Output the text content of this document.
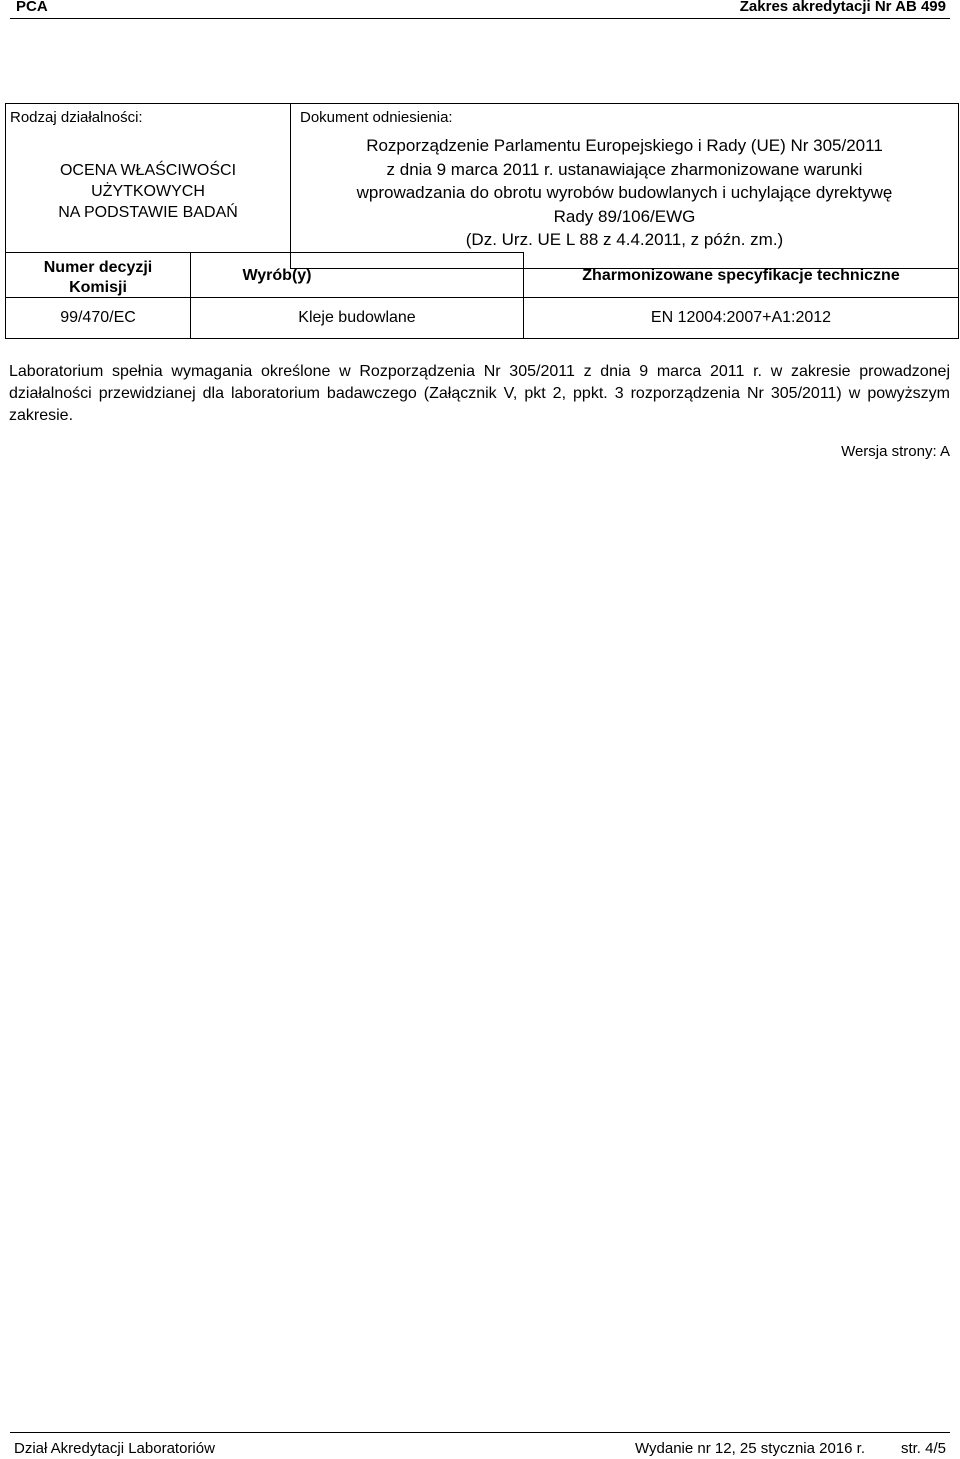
PCA	Zakres akredytacji Nr AB 499
Rodzaj działalności:
OCENA WŁAŚCIWOŚCI
UŻYTKOWYCH
NA PODSTAWIE BADAŃ
Dokument odniesienia:
Rozporządzenie Parlamentu Europejskiego i Rady (UE) Nr 305/2011
z dnia 9 marca 2011 r. ustanawiające zharmonizowane warunki
wprowadzania do obrotu wyrobów budowlanych i uchylające dyrektywę
Rady 89/106/EWG
(Dz. Urz. UE L 88 z 4.4.2011, z późn. zm.)
Numer decyzji
Komisji
Wyrób(y)	Zharmonizowane specyfikacje techniczne
99/470/EC	Kleje budowlane	EN 12004:2007+A1:2012
Laboratorium spełnia wymagania określone w Rozporządzenia Nr 305/2011 z dnia 9 marca 2011 r. w zakresie prowadzonej działalności przewidzianej dla laboratorium badawczego (Załącznik V, pkt 2, ppkt. 3 rozporządzenia Nr 305/2011) w powyższym zakresie.
Wersja strony: A
Dział Akredytacji Laboratoriów	Wydanie nr 12, 25 stycznia 2016 r. str. 4/5
